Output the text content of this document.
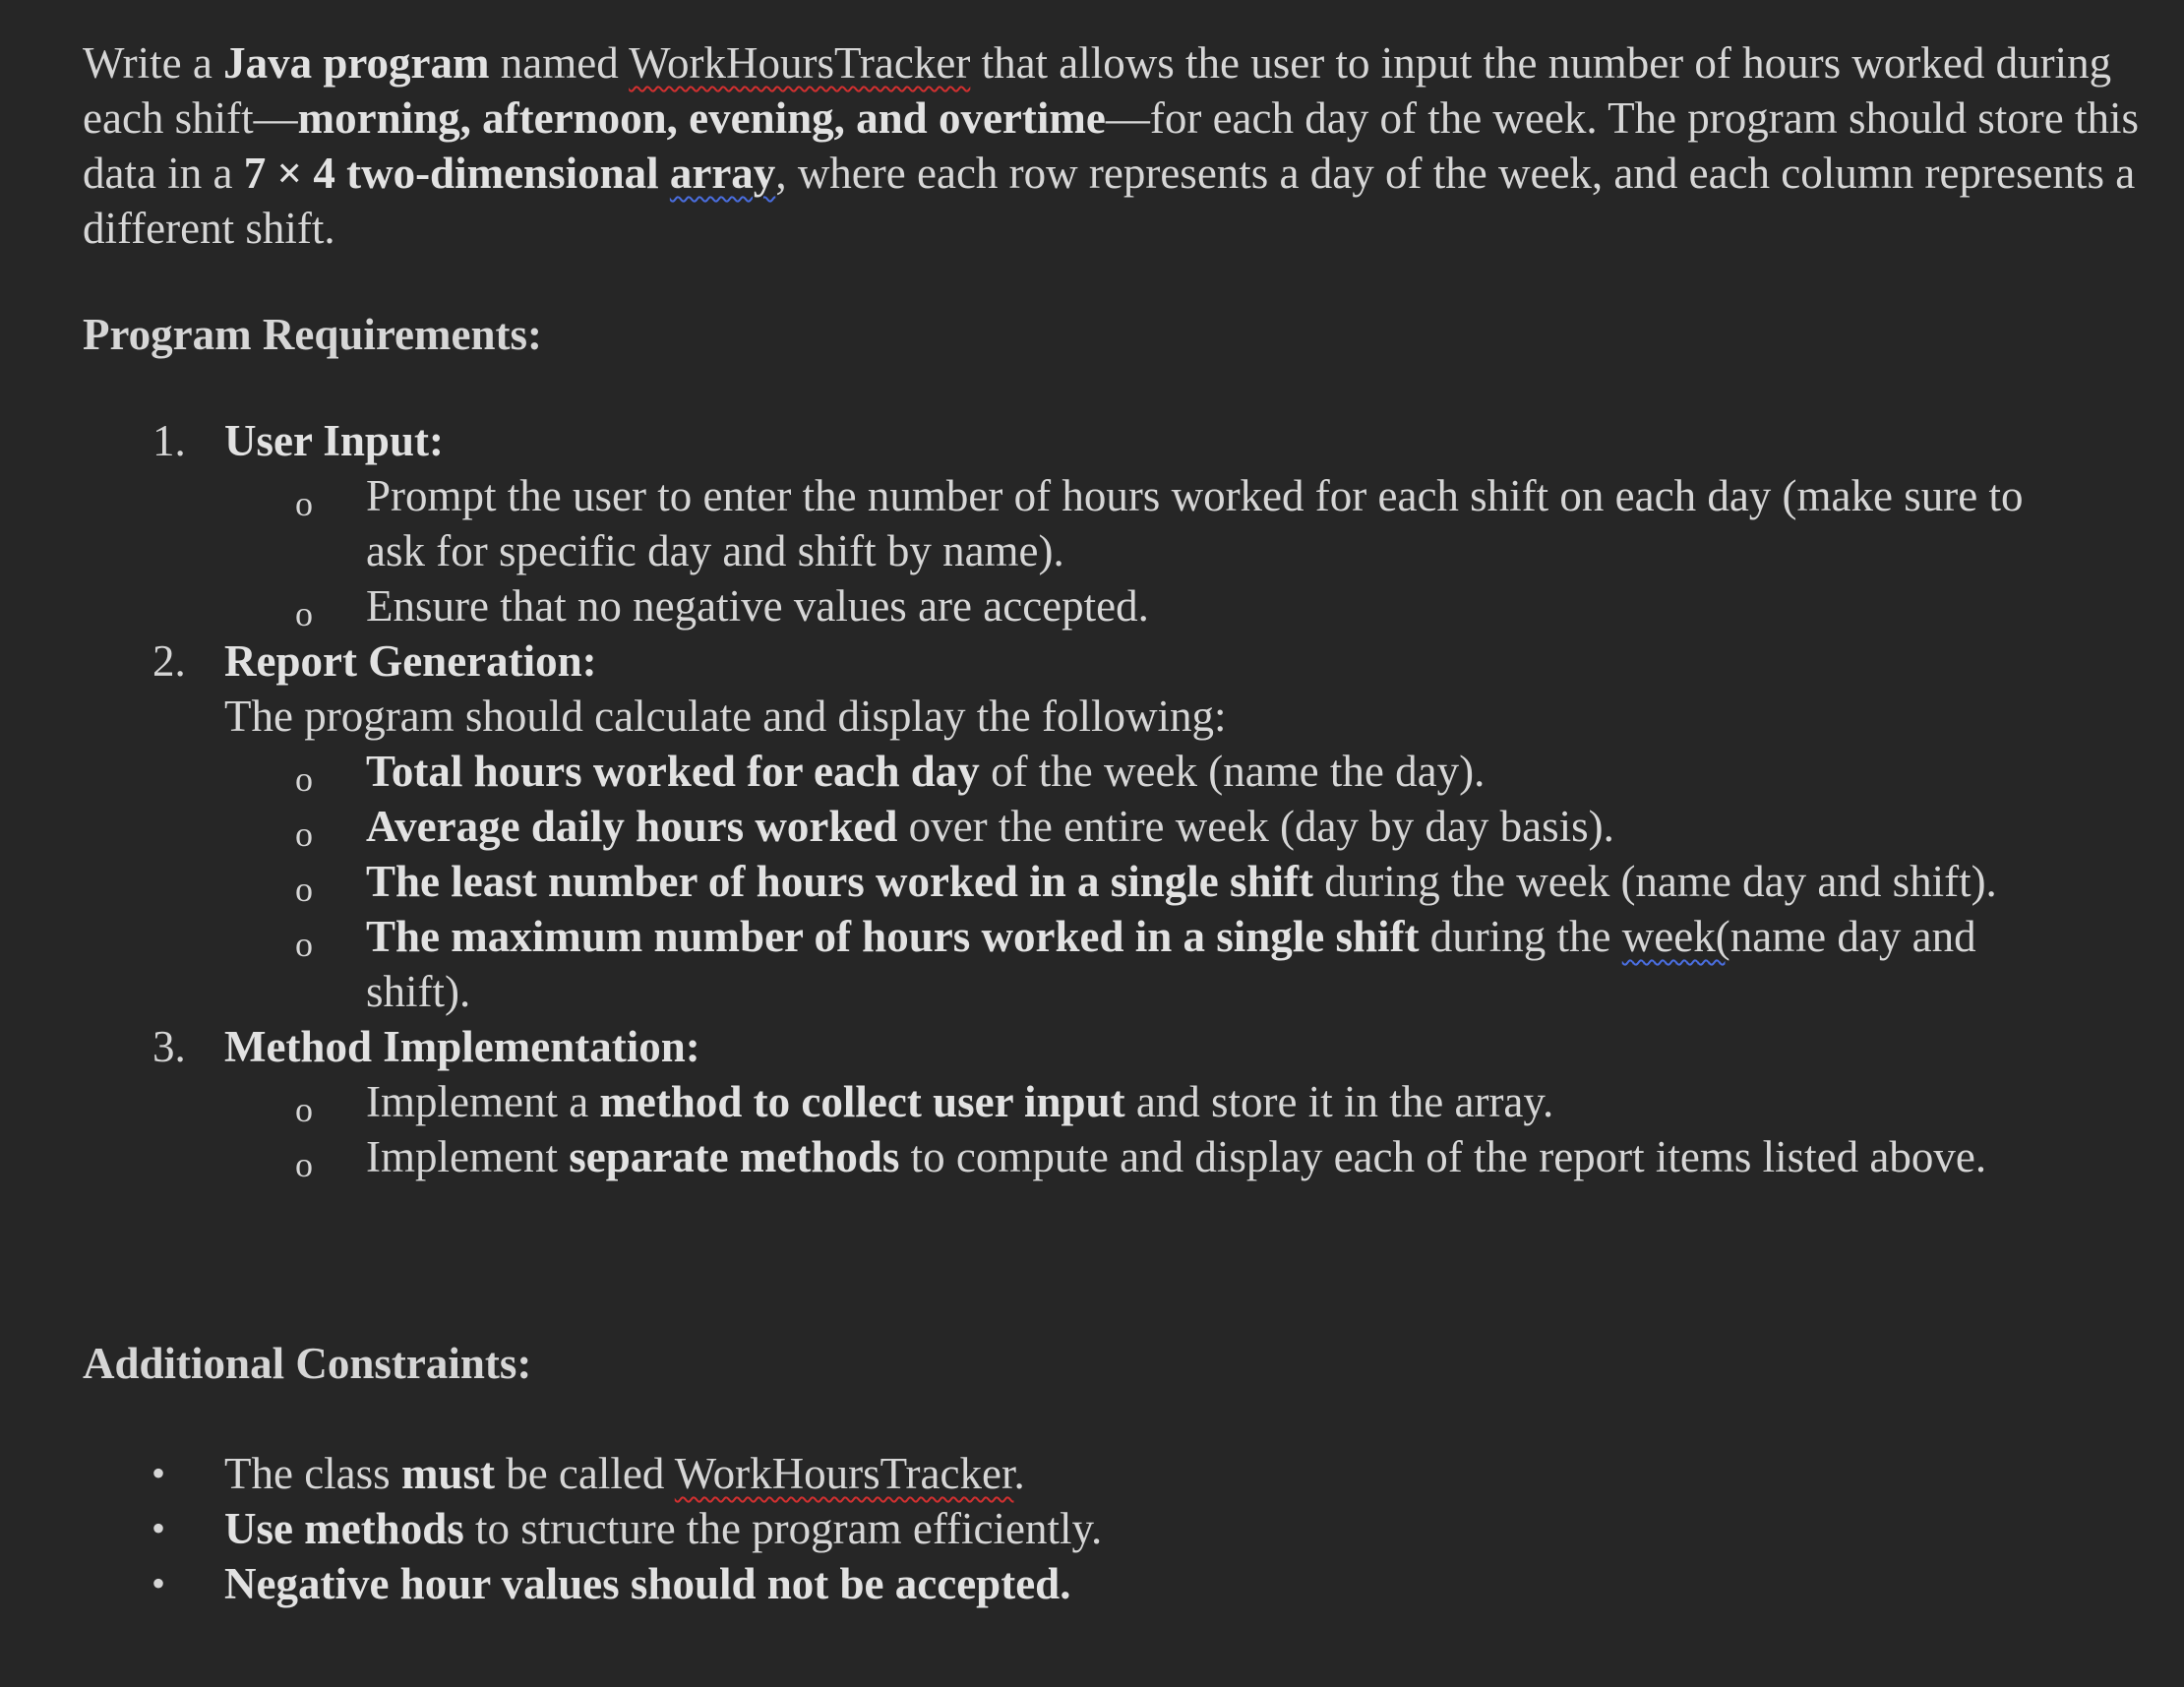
Write a Java program named WorkHoursTracker that allows the user to input the number of hours worked during each shift—morning, afternoon, evening, and overtime—for each day of the week. The program should store this data in a 7 × 4 two-dimensional array, where each row represents a day of the week, and each column represents a different shift.

Program Requirements:

1. User Input:
o Prompt the user to enter the number of hours worked for each shift on each day (make sure to ask for specific day and shift by name).
o Ensure that no negative values are accepted.
2. Report Generation:
The program should calculate and display the following:
o Total hours worked for each day of the week (name the day).
o Average daily hours worked over the entire week (day by day basis).
o The least number of hours worked in a single shift during the week (name day and shift).
o The maximum number of hours worked in a single shift during the week(name day and shift).
3. Method Implementation:
o Implement a method to collect user input and store it in the array.
o Implement separate methods to compute and display each of the report items listed above.

Additional Constraints:

• The class must be called WorkHoursTracker.
• Use methods to structure the program efficiently.
• Negative hour values should not be accepted.
